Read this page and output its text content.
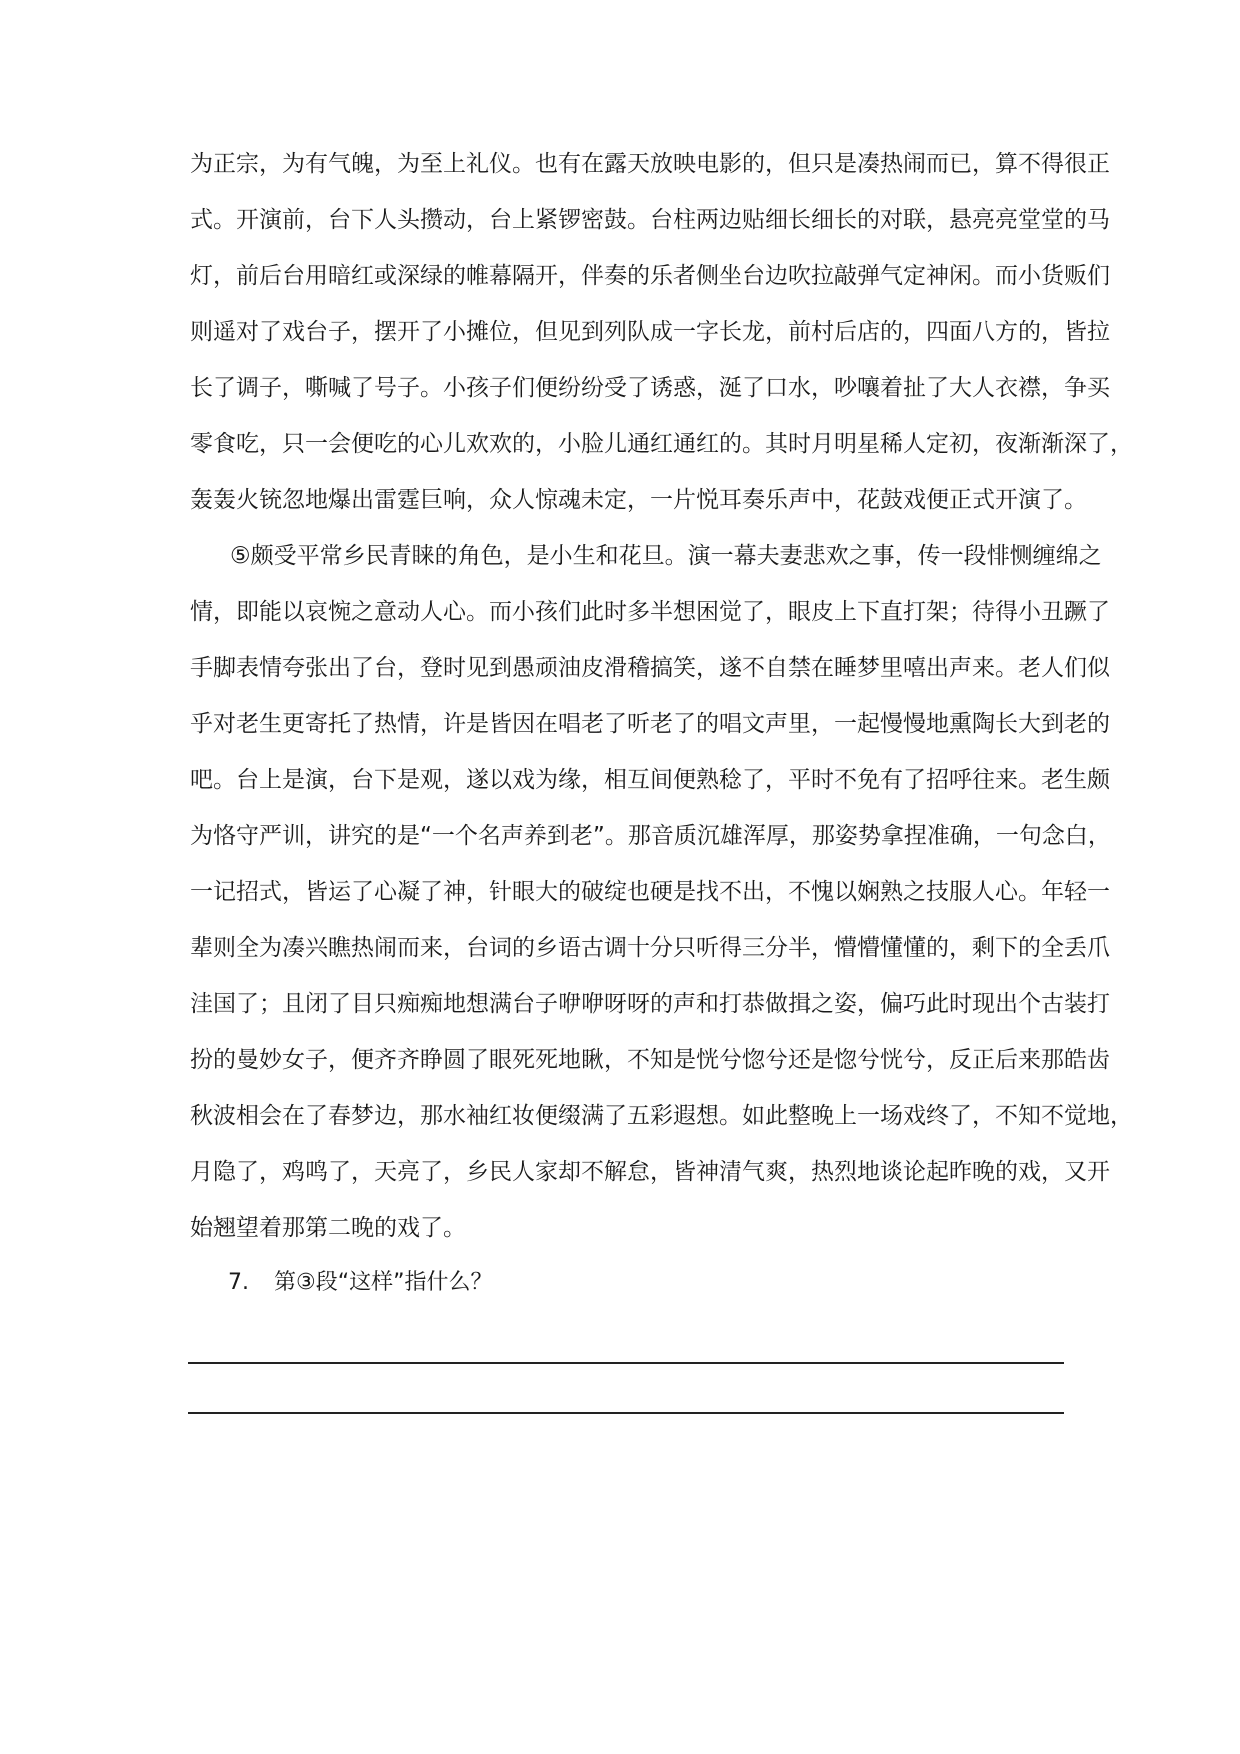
为正宗，为有气魄，为至上礼仪。也有在露天放映电影的，但只是凑热闹而已，算不得很正
式。开演前，台下人头攒动，台上紧锣密鼓。台柱两边贴细长细长的对联，悬亮亮堂堂的马
灯，前后台用暗红或深绿的帷幕隔开，伴奏的乐者侧坐台边吹拉敲弹气定神闲。而小货贩们
则遥对了戏台子，摆开了小摊位，但见到列队成一字长龙，前村后店的，四面八方的，皆拉
长了调子，嘶喊了号子。小孩子们便纷纷受了诱惑，涎了口水，吵嚷着扯了大人衣襟，争买
零食吃，只一会便吃的心儿欢欢的，小脸儿通红通红的。其时月明星稀人定初，夜渐渐深了，
轰轰火铳忽地爆出雷霆巨响，众人惊魂未定，一片悦耳奏乐声中，花鼓戏便正式开演了。
⑤颇受平常乡民青睐的角色，是小生和花旦。演一幕夫妻悲欢之事，传一段悱恻缠绵之
情，即能以哀惋之意动人心。而小孩们此时多半想困觉了，眼皮上下直打架；待得小丑蹶了
手脚表情夸张出了台，登时见到愚顽油皮滑稽搞笑，遂不自禁在睡梦里嘻出声来。老人们似
乎对老生更寄托了热情，许是皆因在唱老了听老了的唱文声里，一起慢慢地熏陶长大到老的
吧。台上是演，台下是观，遂以戏为缘，相互间便熟稔了，平时不免有了招呼往来。老生颇
为恪守严训，讲究的是“一个名声养到老”。那音质沉雄浑厚，那姿势拿捏准确，一句念白，
一记招式，皆运了心凝了神，针眼大的破绽也硬是找不出，不愧以娴熟之技服人心。年轻一
辈则全为凑兴瞧热闹而来，台词的乡语古调十分只听得三分半，懵懵懂懂的，剩下的全丢爪
洼国了；且闭了目只痴痴地想满台子咿咿呀呀的声和打恭做揖之姿，偏巧此时现出个古装打
扮的曼妙女子，便齐齐睁圆了眼死死地瞅，不知是恍兮惚兮还是惚兮恍兮，反正后来那皓齿
秋波相会在了春梦边，那水袖红妆便缀满了五彩遐想。如此整晚上一场戏终了，不知不觉地，
月隐了，鸡鸣了，天亮了，乡民人家却不解怠，皆神清气爽，热烈地谈论起昨晚的戏，又开
始翘望着那第二晚的戏了。
7. 第③段“这样”指什么？
